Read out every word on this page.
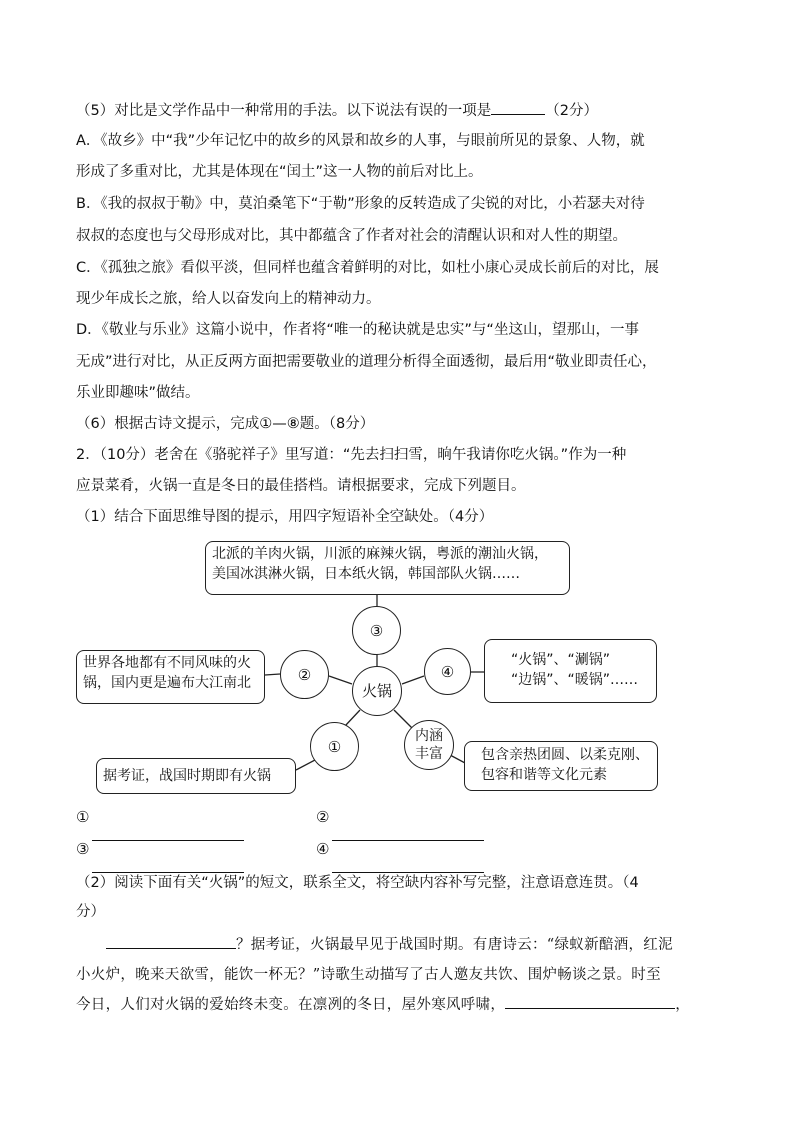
（5）对比是文学作品中一种常用的手法。以下说法有误的一项是	（2分）
A．《故乡》中“我”少年记忆中的故乡的风景和故乡的人事，与眼前所见的景象、人物，就
形成了多重对比，尤其是体现在“闰土”这一人物的前后对比上。
B．《我的叔叔于勒》中，莫泊桑笔下“于勒”形象的反转造成了尖锐的对比，小若瑟夫对待
叔叔的态度也与父母形成对比，其中都蕴含了作者对社会的清醒认识和对人性的期望。
C．《孤独之旅》看似平淡，但同样也蕴含着鲜明的对比，如杜小康心灵成长前后的对比，展
现少年成长之旅，给人以奋发向上的精神动力。
D．《敬业与乐业》这篇小说中，作者将“唯一的秘诀就是忠实”与“坐这山，望那山，一事
无成”进行对比，从正反两方面把需要敬业的道理分析得全面透彻，最后用“敬业即责任心，
乐业即趣味”做结。
（6）根据古诗文提示，完成①—⑧题。（8分）
2．（10分）老舍在《骆驼祥子》里写道：“先去扫扫雪，晌午我请你吃火锅。”作为一种
应景菜肴，火锅一直是冬日的最佳搭档。请根据要求，完成下列题目。
（1）结合下面思维导图的提示，用四字短语补全空缺处。（4分）
北派的羊肉火锅，川派的麻辣火锅，粤派的潮汕火锅，
美国冰淇淋火锅，日本纸火锅，韩国部队火锅……
③
世界各地都有不同风味的火
锅，国内更是遍布大江南北	②
火锅
④
“火锅”、“涮锅”
“边锅”、“暖锅”……
①
内涵丰富
据考证，战国时期即有火锅
包含亲热团圆、以柔克刚、
包容和谐等文化元素
①	②
③	④
（2）阅读下面有关“火锅”的短文，联系全文，将空缺内容补写完整，注意语意连贯。（4
分）
？据考证，火锅最早见于战国时期。有唐诗云：“绿蚁新醅酒，红泥
小火炉，晚来天欲雪，能饮一杯无？”诗歌生动描写了古人邀友共饮、围炉畅谈之景。时至
今日，人们对火锅的爱始终未变。在凛冽的冬日，屋外寒风呼啸，	，
